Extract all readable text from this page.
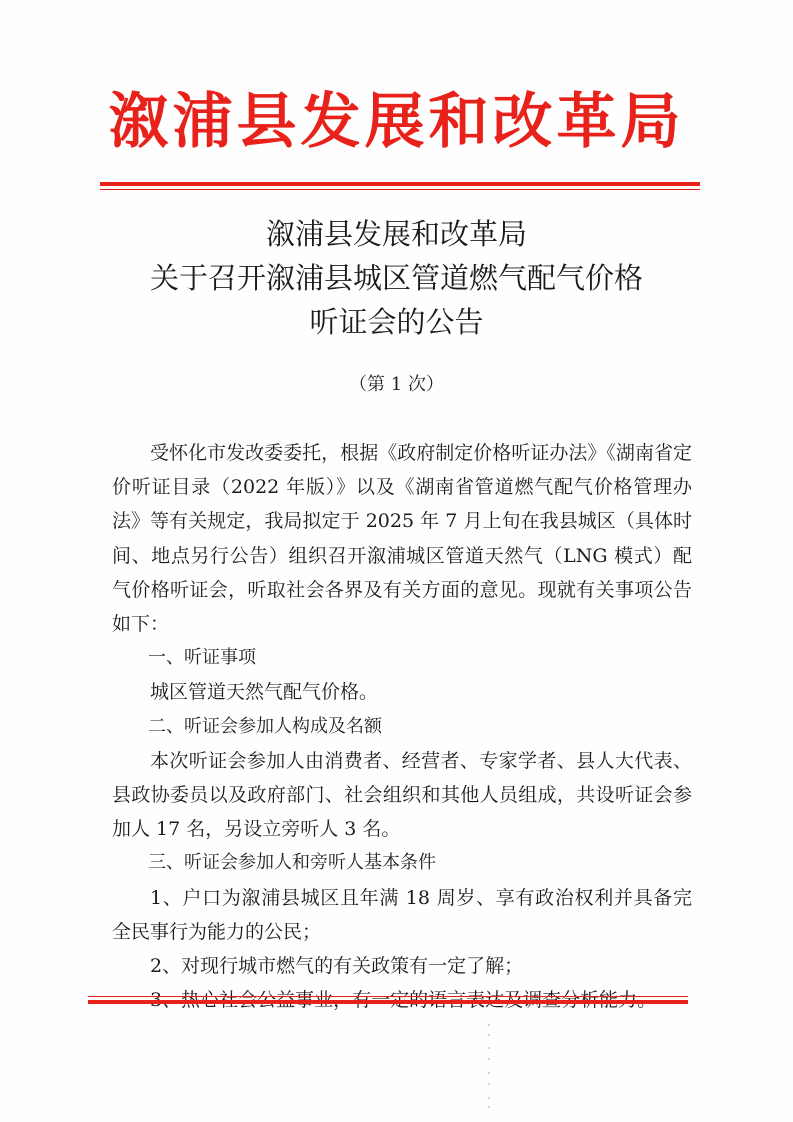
溆浦县发展和改革局
溆浦县发展和改革局
关于召开溆浦县城区管道燃气配气价格
听证会的公告
（第 1 次）

受怀化市发改委委托，根据《政府制定价格听证办法》《湖南省定价听证目录（2022 年版）》以及《湖南省管道燃气配气价格管理办法》等有关规定，我局拟定于 2025 年 7 月上旬在我县城区（具体时间、地点另行公告）组织召开溆浦城区管道天然气（LNG 模式）配气价格听证会，听取社会各界及有关方面的意见。现就有关事项公告如下：

一、听证事项

城区管道天然气配气价格。

二、听证会参加人构成及名额

本次听证会参加人由消费者、经营者、专家学者、县人大代表、县政协委员以及政府部门、社会组织和其他人员组成，共设听证会参加人 17 名，另设立旁听人 3 名。

三、听证会参加人和旁听人基本条件

1、户口为溆浦县城区且年满 18 周岁、享有政治权利并具备完全民事行为能力的公民；

2、对现行城市燃气的有关政策有一定了解；
